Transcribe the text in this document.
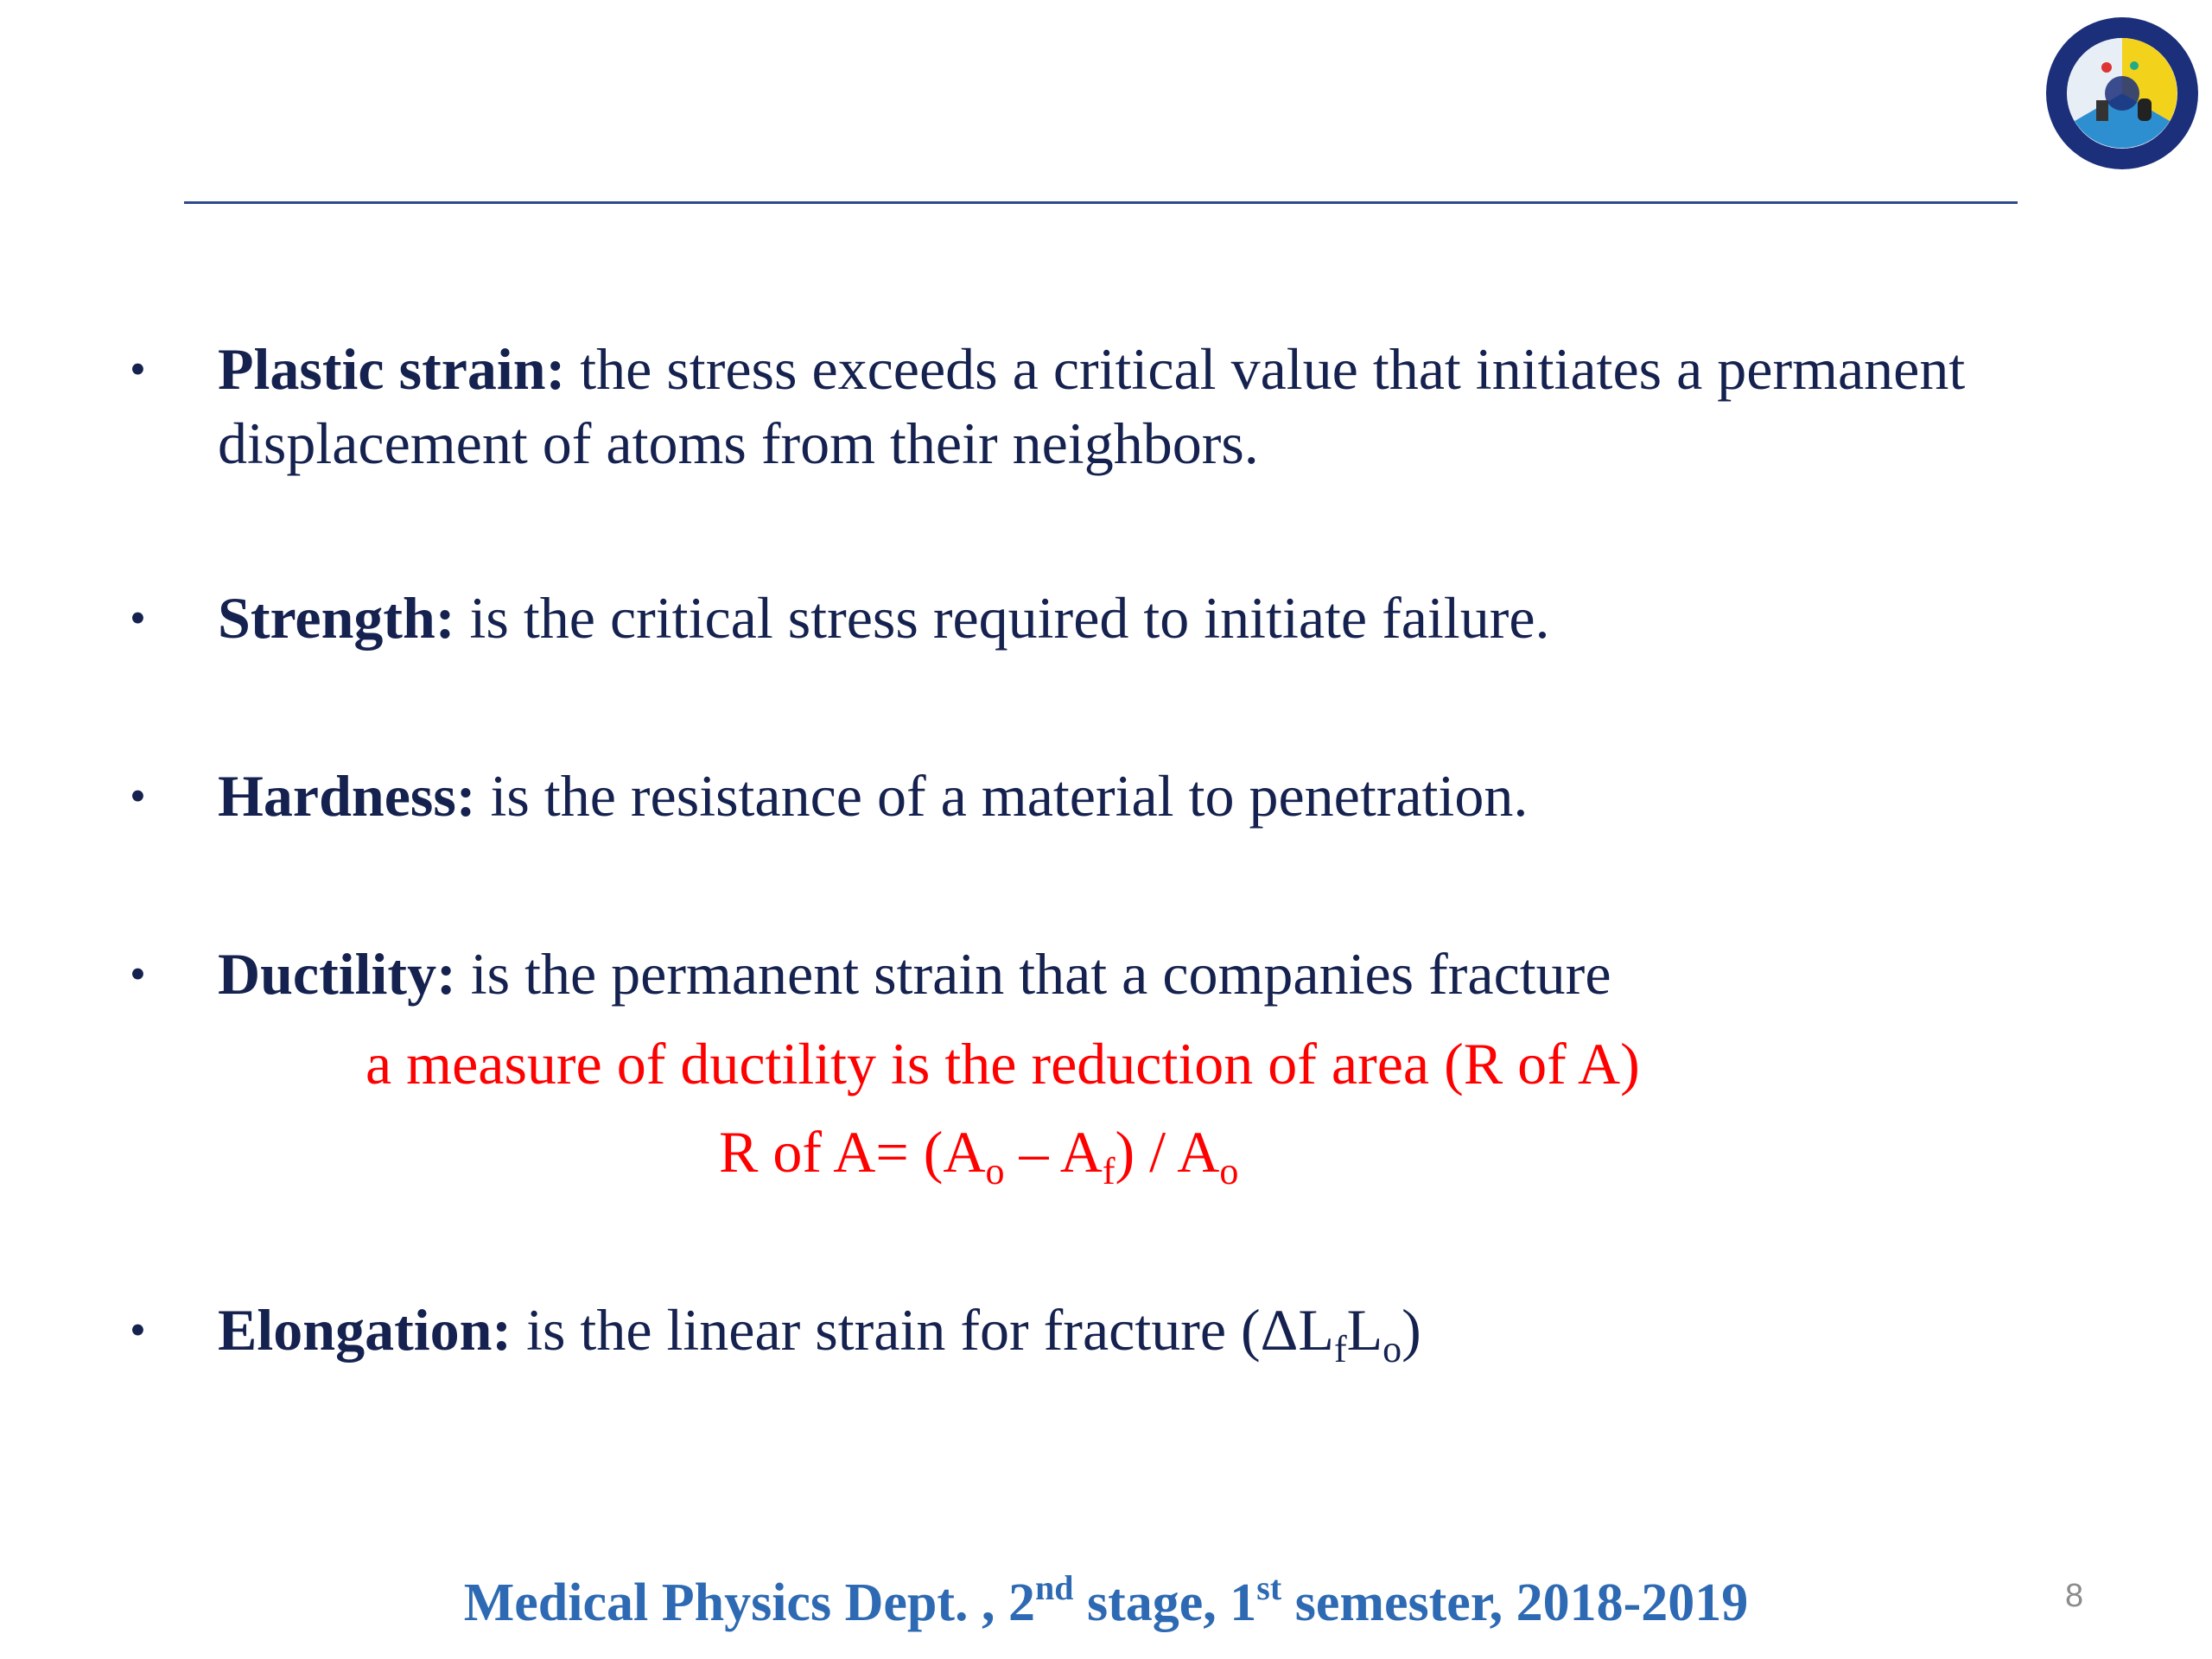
•	Plastic strain: the stress exceeds a critical value that initiates a permanent displacement of atoms from their neighbors.
•	Strength: is the critical stress required to initiate failure.
•	Hardness: is the resistance of a material to penetration.
•	Ductility: is the permanent strain that a companies fracture
a measure of ductility is the reduction of area (R of A)
R of $A= (A_o - A_f) / A_o$
•	Elongation: is the linear strain for fracture $(\Delta L_fL_o)$
Medical Physics Dept. , 2nd stage, 1st semester, 2018-2019	8
